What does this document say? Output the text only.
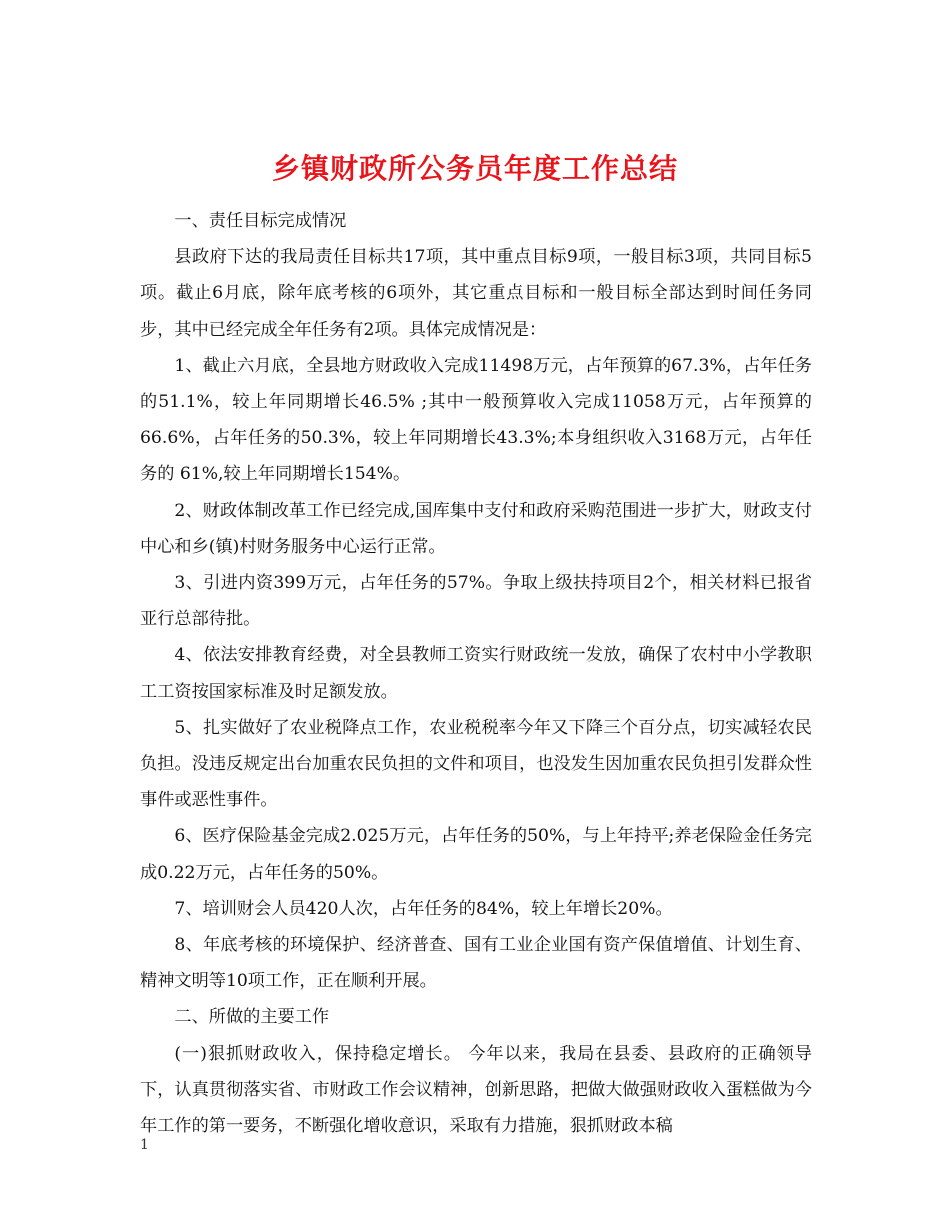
乡镇财政所公务员年度工作总结

一、责任目标完成情况

县政府下达的我局责任目标共17项，其中重点目标9项，一般目标3项，共同目标5项。截止6月底，除年底考核的6项外，其它重点目标和一般目标全部达到时间任务同步，其中已经完成全年任务有2项。具体完成情况是：

1、截止六月底，全县地方财政收入完成11498万元，占年预算的67.3%，占年任务的51.1%，较上年同期增长46.5% ;其中一般预算收入完成11058万元，占年预算的66.6%，占年任务的50.3%，较上年同期增长43.3%;本身组织收入3168万元，占年任务的 61%,较上年同期增长154%。

2、财政体制改革工作已经完成,国库集中支付和政府采购范围进一步扩大，财政支付中心和乡(镇)村财务服务中心运行正常。

3、引进内资399万元，占年任务的57%。争取上级扶持项目2个，相关材料已报省亚行总部待批。

4、依法安排教育经费，对全县教师工资实行财政统一发放，确保了农村中小学教职工工资按国家标准及时足额发放。

5、扎实做好了农业税降点工作，农业税税率今年又下降三个百分点，切实减轻农民负担。没违反规定出台加重农民负担的文件和项目，也没发生因加重农民负担引发群众性事件或恶性事件。

6、医疗保险基金完成2.025万元，占年任务的50%，与上年持平;养老保险金任务完成0.22万元，占年任务的50%。

7、培训财会人员420人次，占年任务的84%，较上年增长20%。

8、年底考核的环境保护、经济普查、国有工业企业国有资产保值增值、计划生育、精神文明等10项工作，正在顺利开展。

二、所做的主要工作

(一)狠抓财政收入，保持稳定增长。 今年以来，我局在县委、县政府的正确领导下，认真贯彻落实省、市财政工作会议精神，创新思路，把做大做强财政收入蛋糕做为今年工作的第一要务，不断强化增收意识，采取有力措施，狠抓财政本稿

1
